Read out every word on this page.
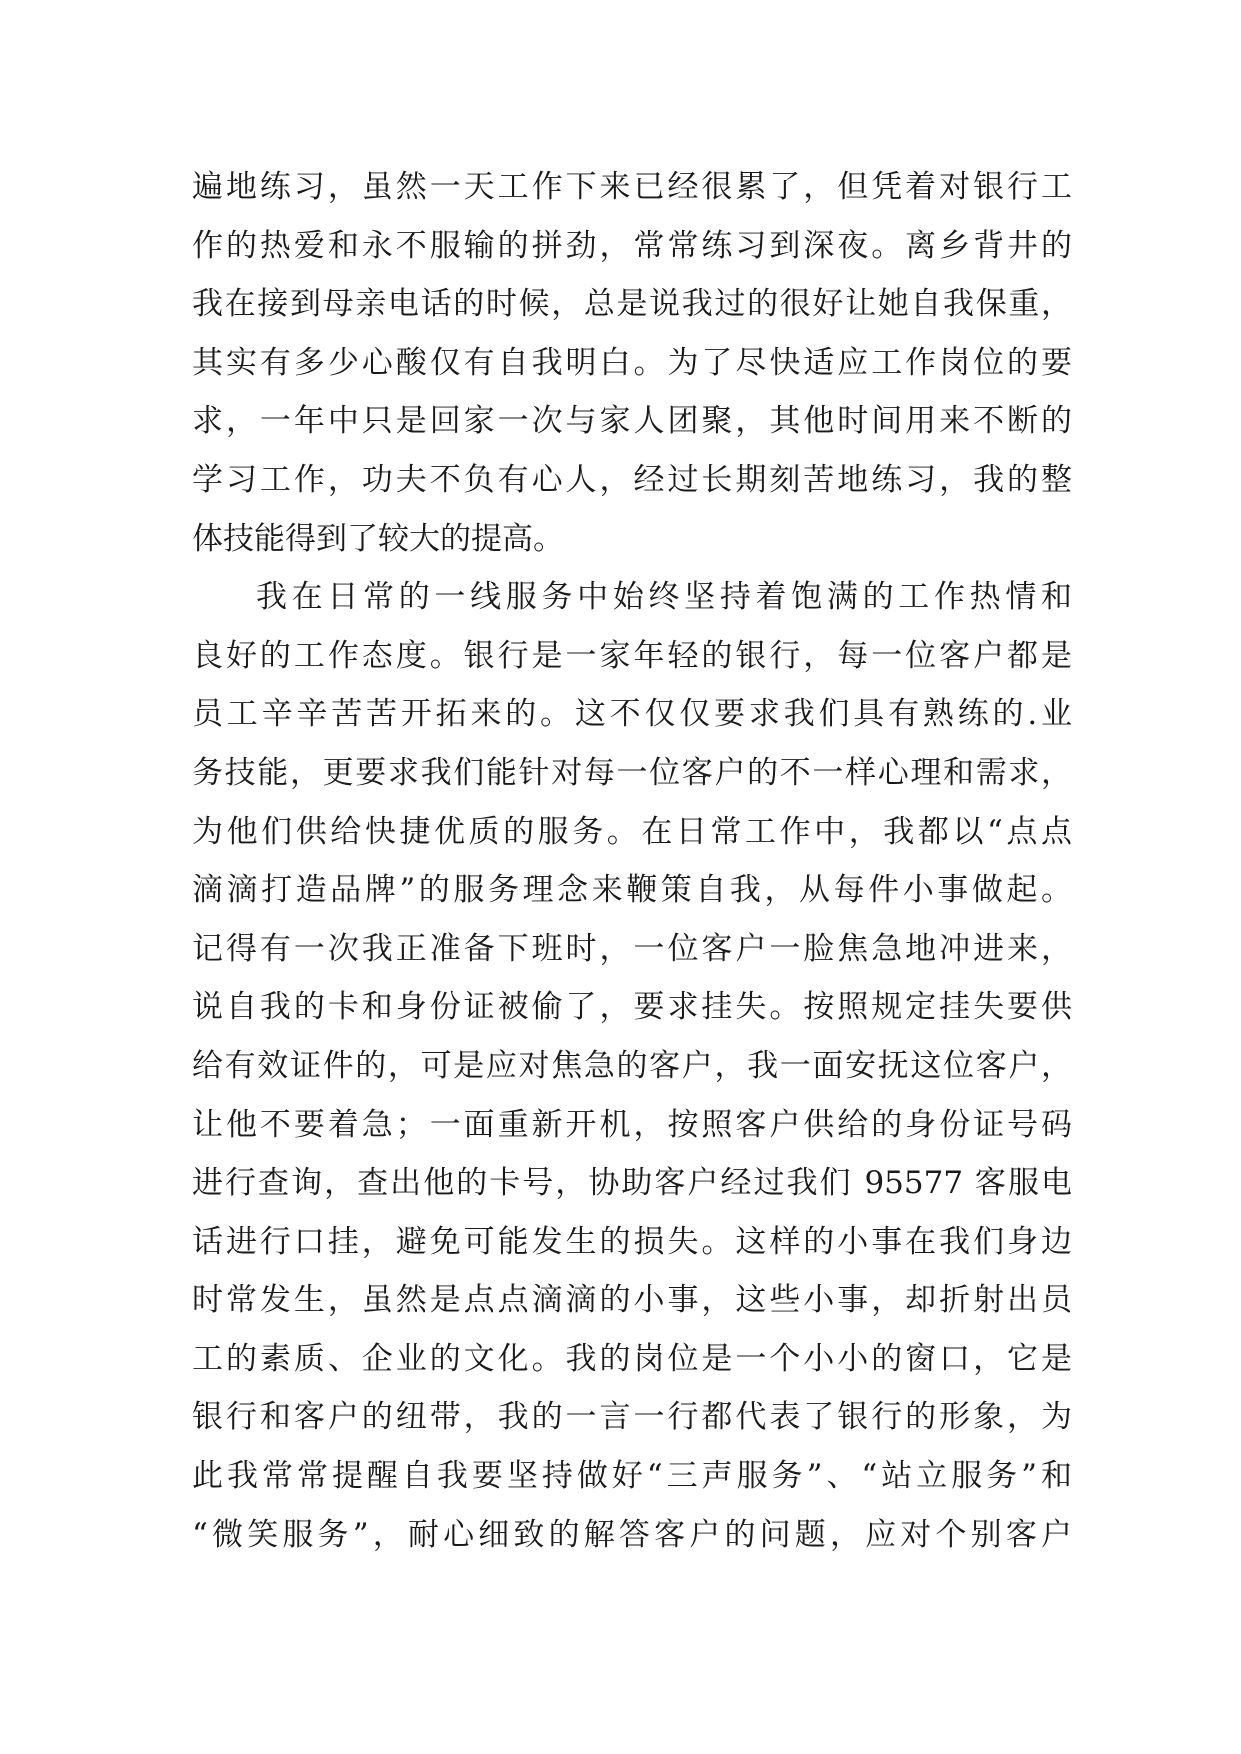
遍地练习，虽然一天工作下来已经很累了，但凭着对银行工
作的热爱和永不服输的拼劲，常常练习到深夜。离乡背井的
我在接到母亲电话的时候，总是说我过的很好让她自我保重，
其实有多少心酸仅有自我明白。为了尽快适应工作岗位的要
求，一年中只是回家一次与家人团聚，其他时间用来不断的
学习工作，功夫不负有心人，经过长期刻苦地练习，我的整
体技能得到了较大的提高。
我在日常的一线服务中始终坚持着饱满的工作热情和
良好的工作态度。银行是一家年轻的银行，每一位客户都是
员工辛辛苦苦开拓来的。这不仅仅要求我们具有熟练的.业
务技能，更要求我们能针对每一位客户的不一样心理和需求，
为他们供给快捷优质的服务。在日常工作中，我都以“点点
滴滴打造品牌”的服务理念来鞭策自我，从每件小事做起。
记得有一次我正准备下班时，一位客户一脸焦急地冲进来，
说自我的卡和身份证被偷了，要求挂失。按照规定挂失要供
给有效证件的，可是应对焦急的客户，我一面安抚这位客户，
让他不要着急；一面重新开机，按照客户供给的身份证号码
进行查询，查出他的卡号，协助客户经过我们 95577 客服电
话进行口挂，避免可能发生的损失。这样的小事在我们身边
时常发生，虽然是点点滴滴的小事，这些小事，却折射出员
工的素质、企业的文化。我的岗位是一个小小的窗口，它是
银行和客户的纽带，我的一言一行都代表了银行的形象，为
此我常常提醒自我要坚持做好“三声服务”、“站立服务”和
“微笑服务”，耐心细致的解答客户的问题，应对个别客户
